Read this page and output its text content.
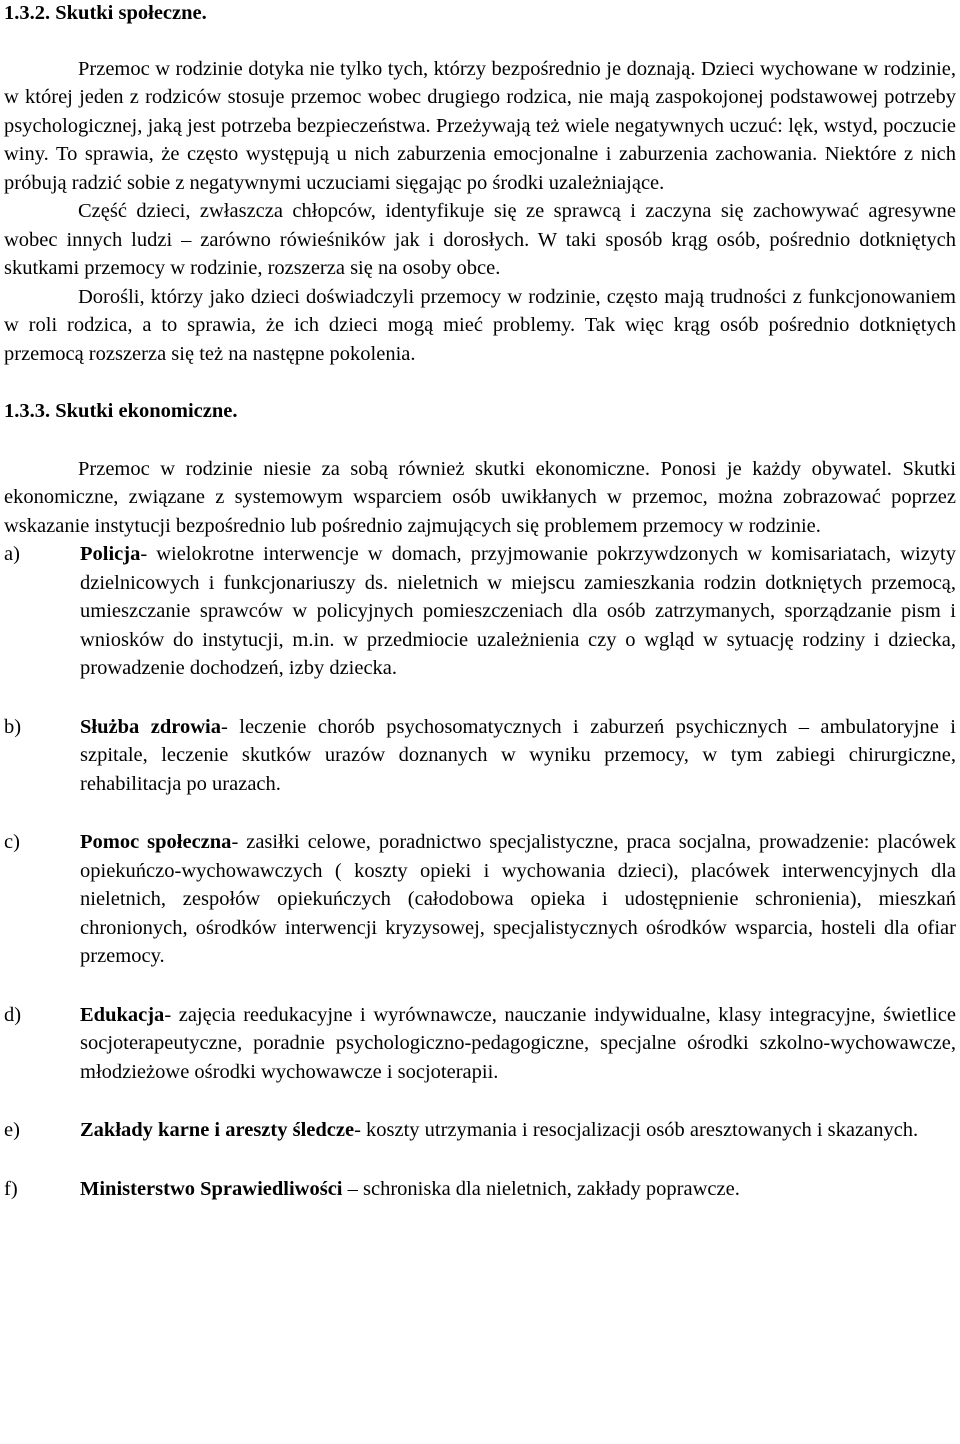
1.3.2. Skutki społeczne.

Przemoc w rodzinie dotyka nie tylko tych, którzy bezpośrednio je doznają. Dzieci wychowane w rodzinie, w której jeden z rodziców stosuje przemoc wobec drugiego rodzica, nie mają zaspokojonej podstawowej potrzeby psychologicznej, jaką jest potrzeba bezpieczeństwa. Przeżywają też wiele negatywnych uczuć: lęk, wstyd, poczucie winy. To sprawia, że często występują u nich zaburzenia emocjonalne i zaburzenia zachowania. Niektóre z nich próbują radzić sobie z negatywnymi uczuciami sięgając po środki uzależniające.

Część dzieci, zwłaszcza chłopców, identyfikuje się ze sprawcą i zaczyna się zachowywać agresywne wobec innych ludzi – zarówno rówieśników jak i dorosłych. W taki sposób krąg osób, pośrednio dotkniętych skutkami przemocy w rodzinie, rozszerza się na osoby obce.

Dorośli, którzy jako dzieci doświadczyli przemocy w rodzinie, często mają trudności z funkcjonowaniem w roli rodzica, a to sprawia, że ich dzieci mogą mieć problemy. Tak więc krąg osób pośrednio dotkniętych przemocą rozszerza się też na następne pokolenia.

1.3.3. Skutki ekonomiczne.

Przemoc w rodzinie niesie za sobą również skutki ekonomiczne. Ponosi je każdy obywatel. Skutki ekonomiczne, związane z systemowym wsparciem osób uwikłanych w przemoc, można zobrazować poprzez wskazanie instytucji bezpośrednio lub pośrednio zajmujących się problemem przemocy w rodzinie.

a)	Policja- wielokrotne interwencje w domach, przyjmowanie pokrzywdzonych w komisariatach, wizyty dzielnicowych i funkcjonariuszy ds. nieletnich w miejscu zamieszkania rodzin dotkniętych przemocą, umieszczanie sprawców w policyjnych pomieszczeniach dla osób zatrzymanych, sporządzanie pism i wniosków do instytucji, m.in. w przedmiocie uzależnienia czy o wgląd w sytuację rodziny i dziecka, prowadzenie dochodzeń, izby dziecka.
b)	Służba zdrowia- leczenie chorób psychosomatycznych i zaburzeń psychicznych – ambulatoryjne i szpitale, leczenie skutków urazów doznanych w wyniku przemocy, w tym zabiegi chirurgiczne, rehabilitacja po urazach.
c)	Pomoc społeczna- zasiłki celowe, poradnictwo specjalistyczne, praca socjalna, prowadzenie: placówek opiekuńczo-wychowawczych ( koszty opieki i wychowania dzieci), placówek interwencyjnych dla nieletnich, zespołów opiekuńczych (całodobowa opieka i udostępnienie schronienia), mieszkań chronionych, ośrodków interwencji kryzysowej, specjalistycznych ośrodków wsparcia, hosteli dla ofiar przemocy.
d)	Edukacja- zajęcia reedukacyjne i wyrównawcze, nauczanie indywidualne, klasy integracyjne, świetlice socjoterapeutyczne, poradnie psychologiczno-pedagogiczne, specjalne ośrodki szkolno-wychowawcze, młodzieżowe ośrodki wychowawcze i socjoterapii.
e)	Zakłady karne i areszty śledcze- koszty utrzymania i resocjalizacji osób aresztowanych i skazanych.
f)	Ministerstwo Sprawiedliwości – schroniska dla nieletnich, zakłady poprawcze.
